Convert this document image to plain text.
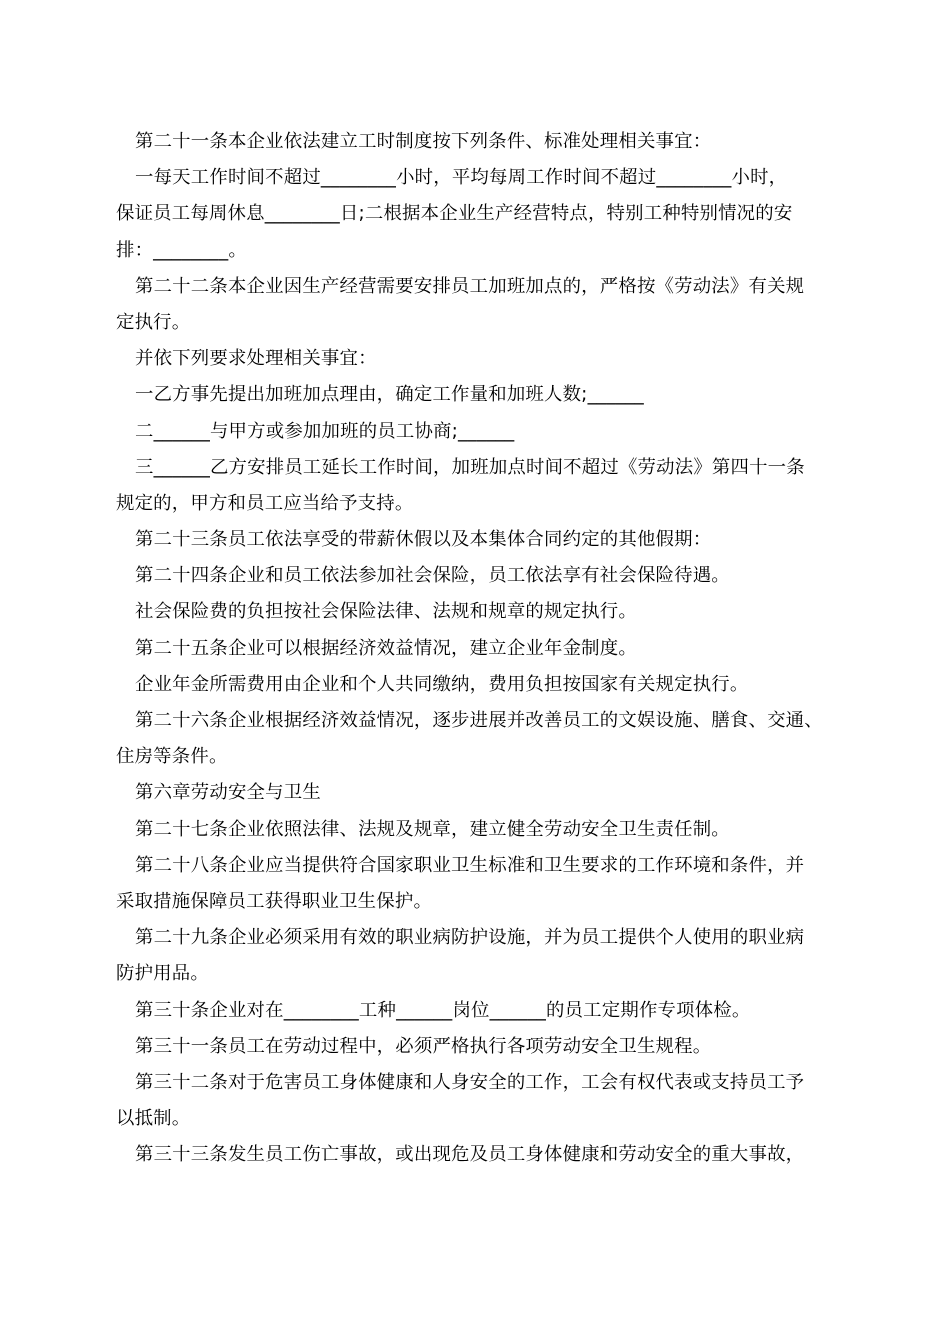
第二十一条本企业依法建立工时制度按下列条件、标准处理相关事宜：
一每天工作时间不超过________小时，平均每周工作时间不超过________小时，
保证员工每周休息________日;二根据本企业生产经营特点，特别工种特别情况的安
排：________。
第二十二条本企业因生产经营需要安排员工加班加点的，严格按《劳动法》有关规
定执行。
并依下列要求处理相关事宜：
一乙方事先提出加班加点理由，确定工作量和加班人数;______
二______与甲方或参加加班的员工协商;______
三______乙方安排员工延长工作时间，加班加点时间不超过《劳动法》第四十一条
规定的，甲方和员工应当给予支持。
第二十三条员工依法享受的带薪休假以及本集体合同约定的其他假期：
第二十四条企业和员工依法参加社会保险，员工依法享有社会保险待遇。
社会保险费的负担按社会保险法律、法规和规章的规定执行。
第二十五条企业可以根据经济效益情况，建立企业年金制度。
企业年金所需费用由企业和个人共同缴纳，费用负担按国家有关规定执行。
第二十六条企业根据经济效益情况，逐步进展并改善员工的文娱设施、膳食、交通、
住房等条件。
第六章劳动安全与卫生
第二十七条企业依照法律、法规及规章，建立健全劳动安全卫生责任制。
第二十八条企业应当提供符合国家职业卫生标准和卫生要求的工作环境和条件，并
采取措施保障员工获得职业卫生保护。
第二十九条企业必须采用有效的职业病防护设施，并为员工提供个人使用的职业病
防护用品。
第三十条企业对在________工种______岗位______的员工定期作专项体检。
第三十一条员工在劳动过程中，必须严格执行各项劳动安全卫生规程。
第三十二条对于危害员工身体健康和人身安全的工作，工会有权代表或支持员工予
以抵制。
第三十三条发生员工伤亡事故，或出现危及员工身体健康和劳动安全的重大事故，
